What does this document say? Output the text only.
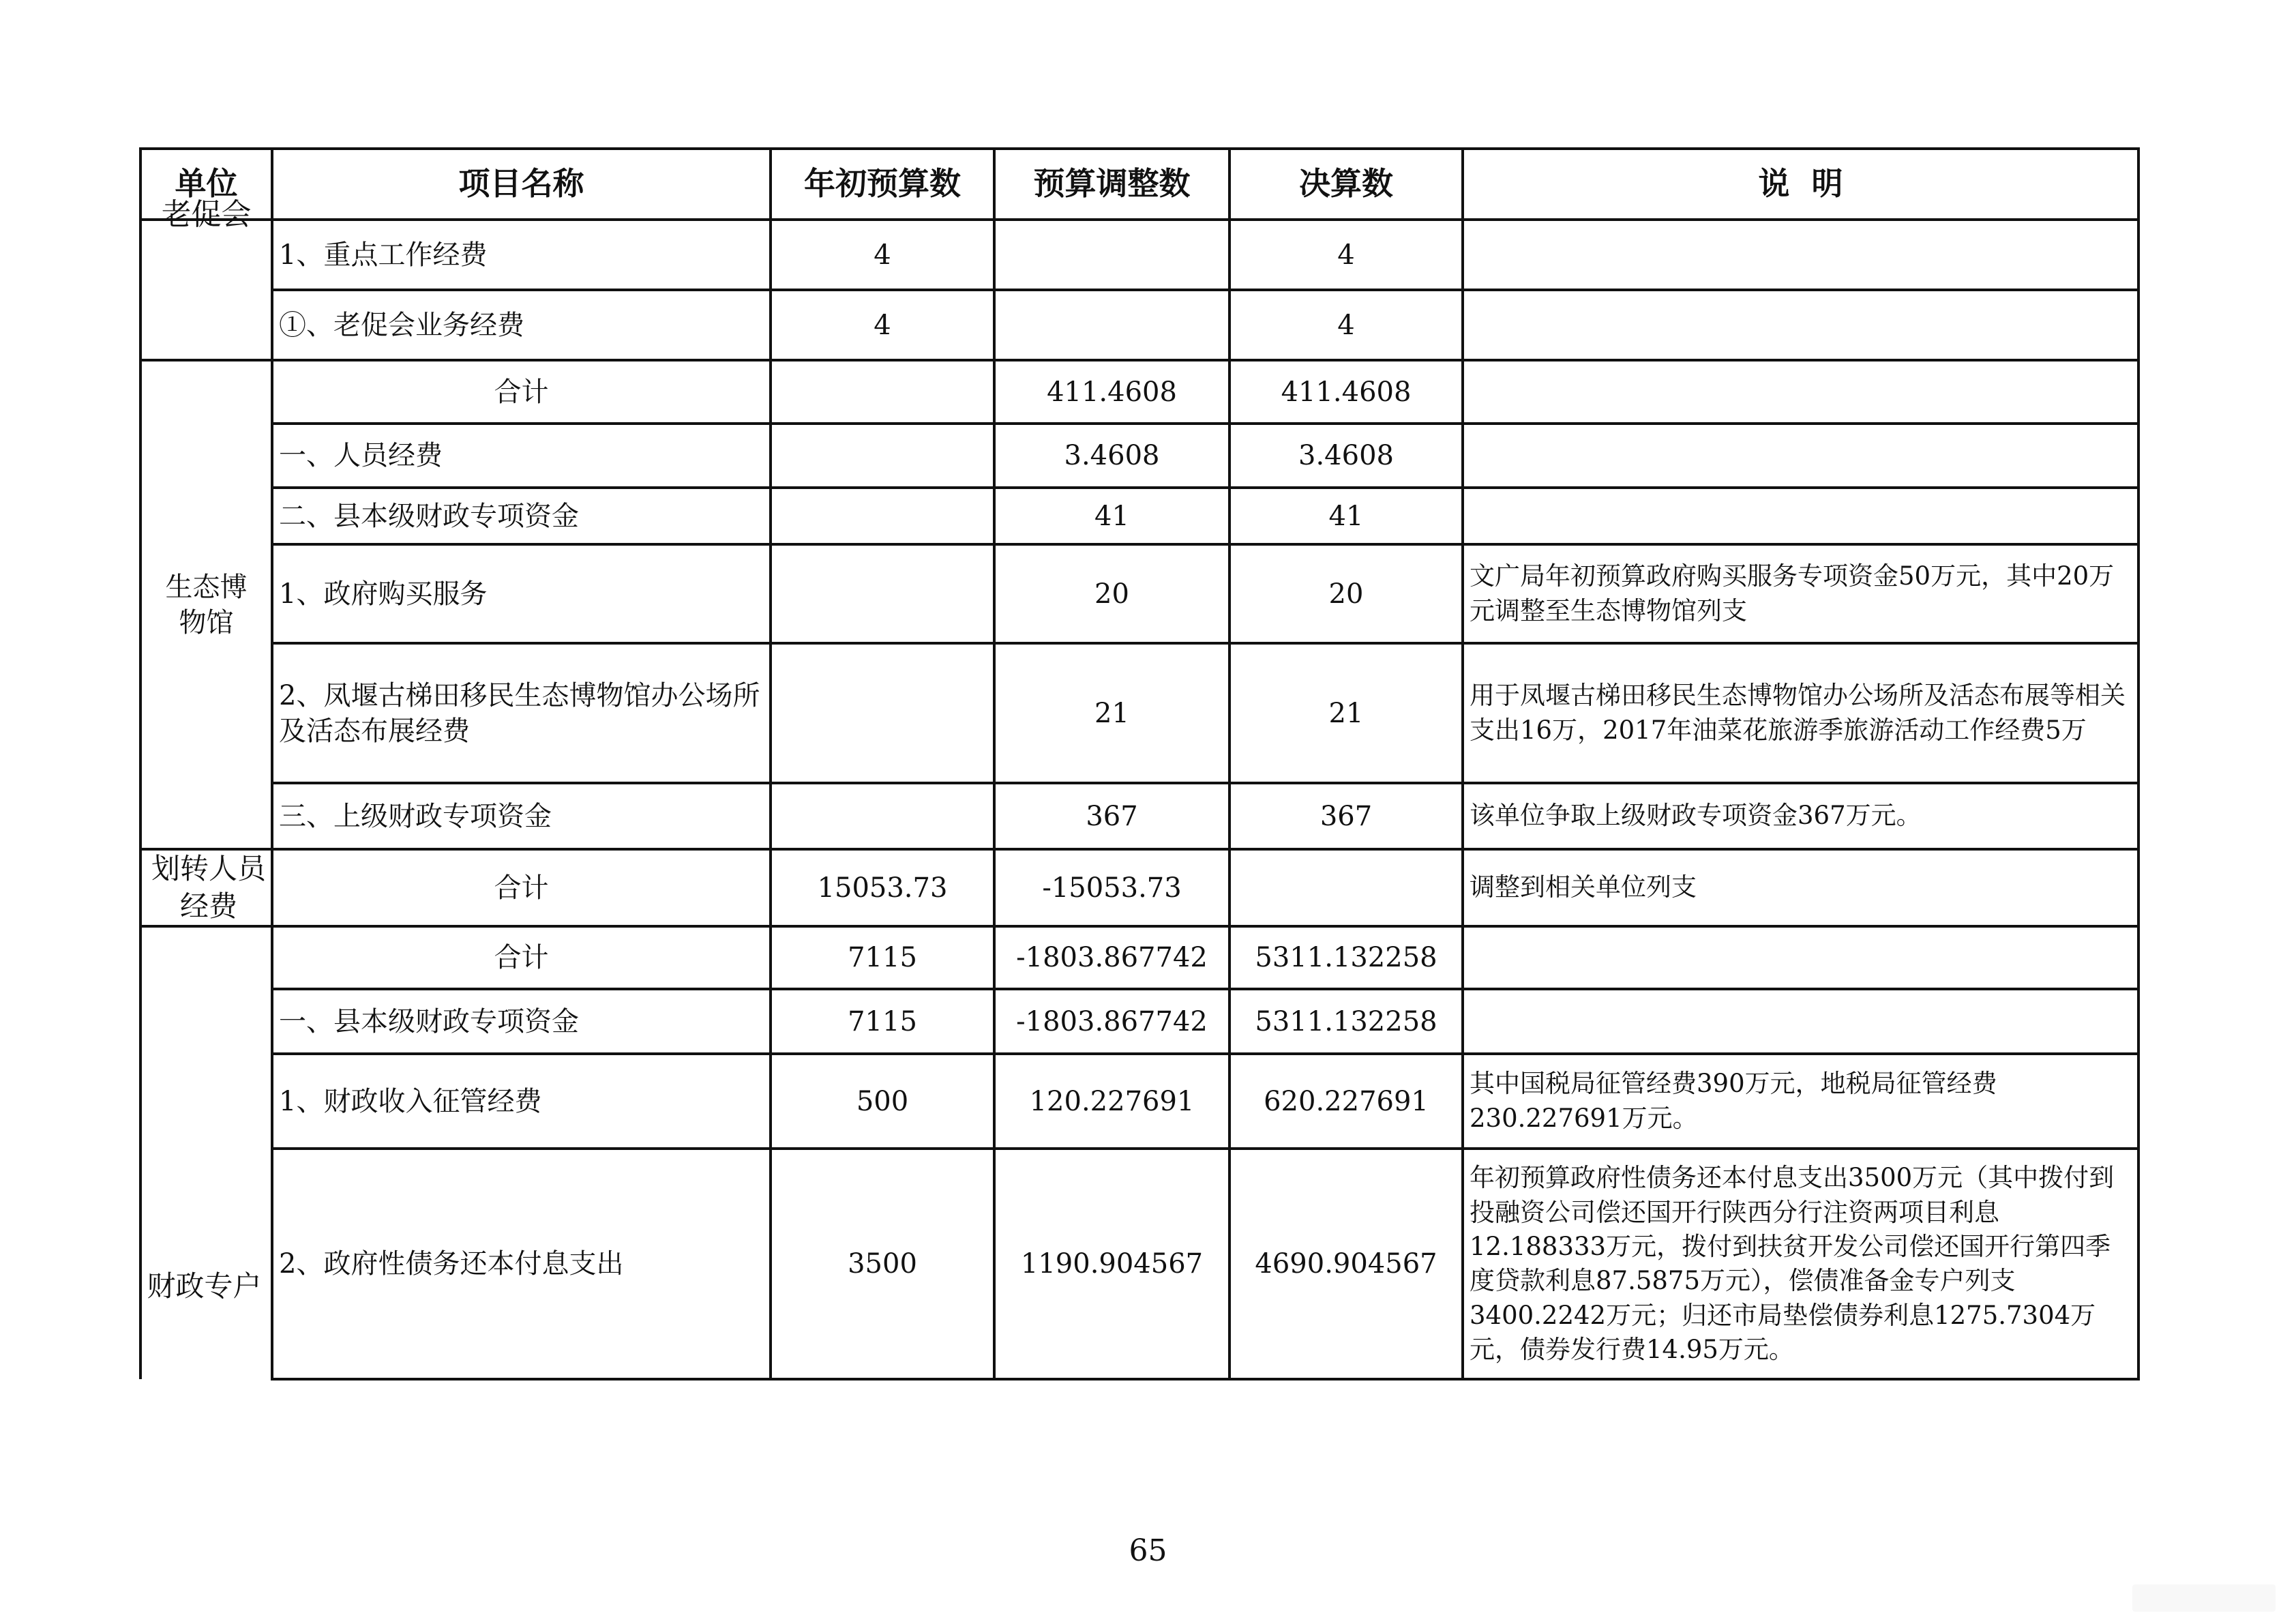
单位	项目名称	年初预算数	预算调整数	决算数	说  明

老促会	1、重点工作经费	4		4	
	①、老促会业务经费	4		4	

生态博物馆	合计		411.4608	411.4608	
	一、人员经费		3.4608	3.4608	
	二、县本级财政专项资金		41	41	
	1、政府购买服务		20	20	文广局年初预算政府购买服务专项资金50万元，其中20万元调整至生态博物馆列支
	2、凤堰古梯田移民生态博物馆办公场所及活态布展经费		21	21	用于凤堰古梯田移民生态博物馆办公场所及活态布展等相关支出16万，2017年油菜花旅游季旅游活动工作经费5万
	三、上级财政专项资金		367	367	该单位争取上级财政专项资金367万元。

划转人员经费	合计	15053.73	-15053.73		调整到相关单位列支

财政专户	合计	7115	-1803.867742	5311.132258	
	一、县本级财政专项资金	7115	-1803.867742	5311.132258	
	1、财政收入征管经费	500	120.227691	620.227691	其中国税局征管经费390万元，地税局征管经费230.227691万元。
	2、政府性债务还本付息支出	3500	1190.904567	4690.904567	年初预算政府性债务还本付息支出3500万元（其中拨付到投融资公司偿还国开行陕西分行注资两项目利息12.188333万元，拨付到扶贫开发公司偿还国开行第四季度贷款利息87.5875万元），偿债准备金专户列支3400.2242万元；归还市局垫偿债券利息1275.7304万元，债券发行费14.95万元。
65
